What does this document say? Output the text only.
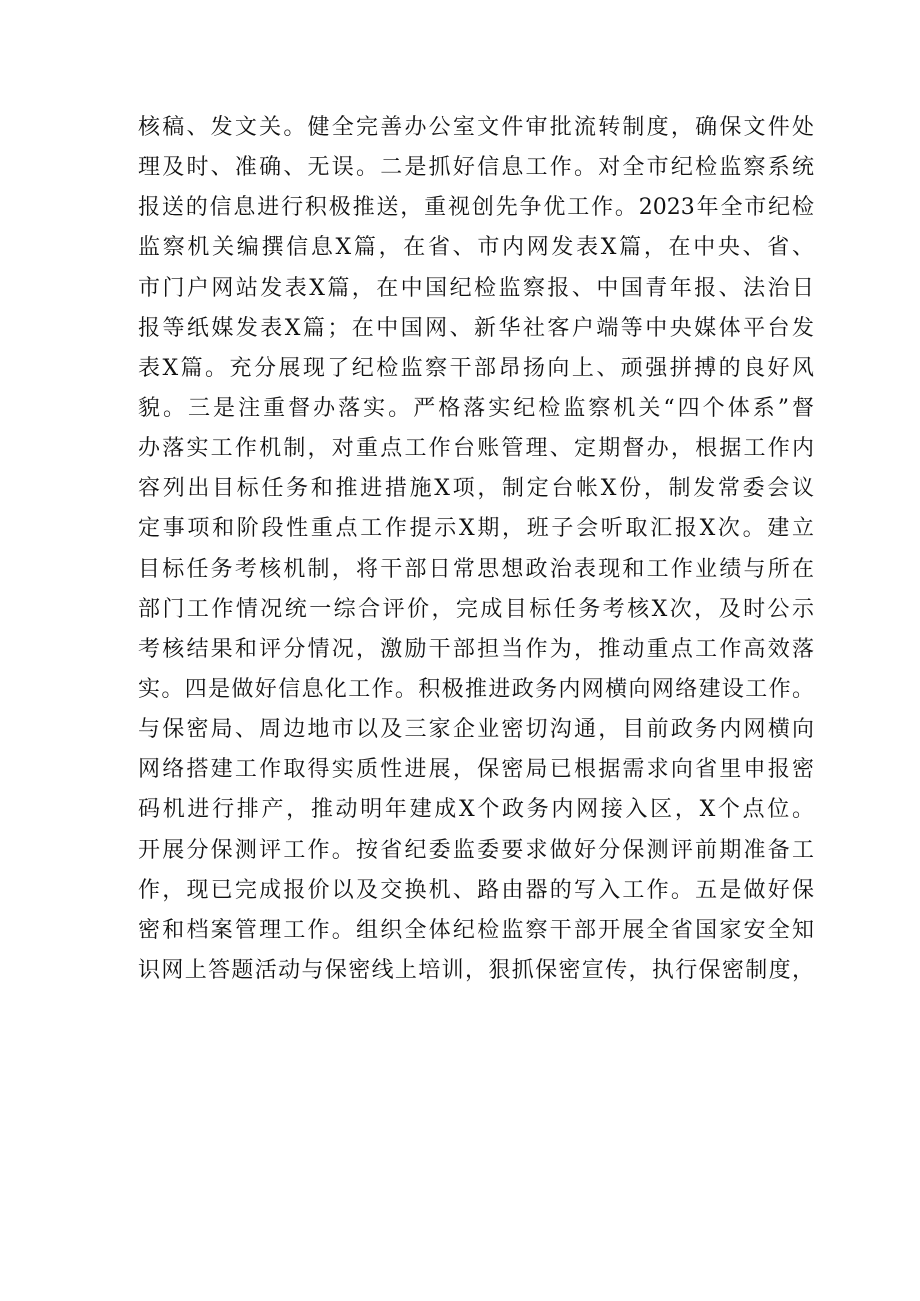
核稿、发文关。健全完善办公室文件审批流转制度，确保文件处
理及时、准确、无误。二是抓好信息工作。对全市纪检监察系统
报送的信息进行积极推送，重视创先争优工作。2023年全市纪检
监察机关编撰信息X篇，在省、市内网发表X篇，在中央、省、
市门户网站发表X篇，在中国纪检监察报、中国青年报、法治日
报等纸媒发表X篇；在中国网、新华社客户端等中央媒体平台发
表X篇。充分展现了纪检监察干部昂扬向上、顽强拼搏的良好风
貌。三是注重督办落实。严格落实纪检监察机关“四个体系”督
办落实工作机制，对重点工作台账管理、定期督办，根据工作内
容列出目标任务和推进措施X项，制定台帐X份，制发常委会议
定事项和阶段性重点工作提示X期，班子会听取汇报X次。建立
目标任务考核机制，将干部日常思想政治表现和工作业绩与所在
部门工作情况统一综合评价，完成目标任务考核X次，及时公示
考核结果和评分情况，激励干部担当作为，推动重点工作高效落
实。四是做好信息化工作。积极推进政务内网横向网络建设工作。
与保密局、周边地市以及三家企业密切沟通，目前政务内网横向
网络搭建工作取得实质性进展，保密局已根据需求向省里申报密
码机进行排产，推动明年建成X个政务内网接入区，X个点位。
开展分保测评工作。按省纪委监委要求做好分保测评前期准备工
作，现已完成报价以及交换机、路由器的写入工作。五是做好保
密和档案管理工作。组织全体纪检监察干部开展全省国家安全知
识网上答题活动与保密线上培训，狠抓保密宣传，执行保密制度，
